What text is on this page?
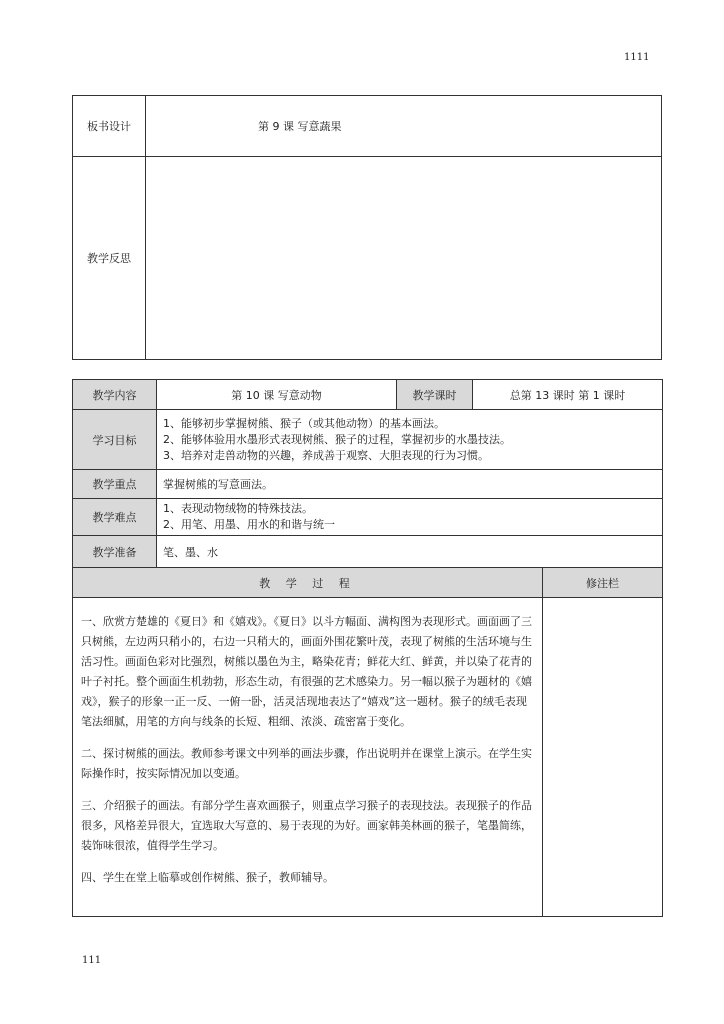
1111
板书设计	第 9 课 写意蔬果
教学反思	
教学内容	第 10 课 写意动物	教学课时	总第 13 课时 第 1 课时	
学习目标	1、能够初步掌握树熊、猴子（或其他动物）的基本画法。
2、能够体验用水墨形式表现树熊、猴子的过程，掌握初步的水墨技法。
3、培养对走兽动物的兴趣，养成善于观察、大胆表现的行为习惯。			

教学重点	掌握树熊的写意画法。			
教学难点	1、表现动物绒物的特殊技法。
2、用笔、用墨、用水的和谐与统一			

教学准备	笔、墨、水			
教 学 过 程				修注栏

一、欣赏方楚雄的《夏日》和《嬉戏》。《夏日》以斗方幅面、满构图为表现形式。画面画了三只树熊，左边两只稍小的，右边一只稍大的，画面外围花繁叶茂，表现了树熊的生活环境与生活习性。画面色彩对比强烈，树熊以墨色为主，略染花青；鲜花大红、鲜黄，并以染了花青的叶子衬托。整个画面生机勃勃，形态生动，有很强的艺术感染力。另一幅以猴子为题材的《嬉戏》，猴子的形象一正一反、一俯一卧，活灵活现地表达了“嬉戏”这一题材。猴子的绒毛表现笔法细腻，用笔的方向与线条的长短、粗细、浓淡、疏密富于变化。

二、探讨树熊的画法。教师参考课文中列举的画法步骤，作出说明并在课堂上演示。在学生实际操作时，按实际情况加以变通。

三、介绍猴子的画法。有部分学生喜欢画猴子，则重点学习猴子的表现技法。表现猴子的作品很多，风格差异很大，宜选取大写意的、易于表现的为好。画家韩美林画的猴子，笔墨简练，装饰味很浓，值得学生学习。

四、学生在堂上临摹或创作树熊、猴子，教师辅导。				

111
